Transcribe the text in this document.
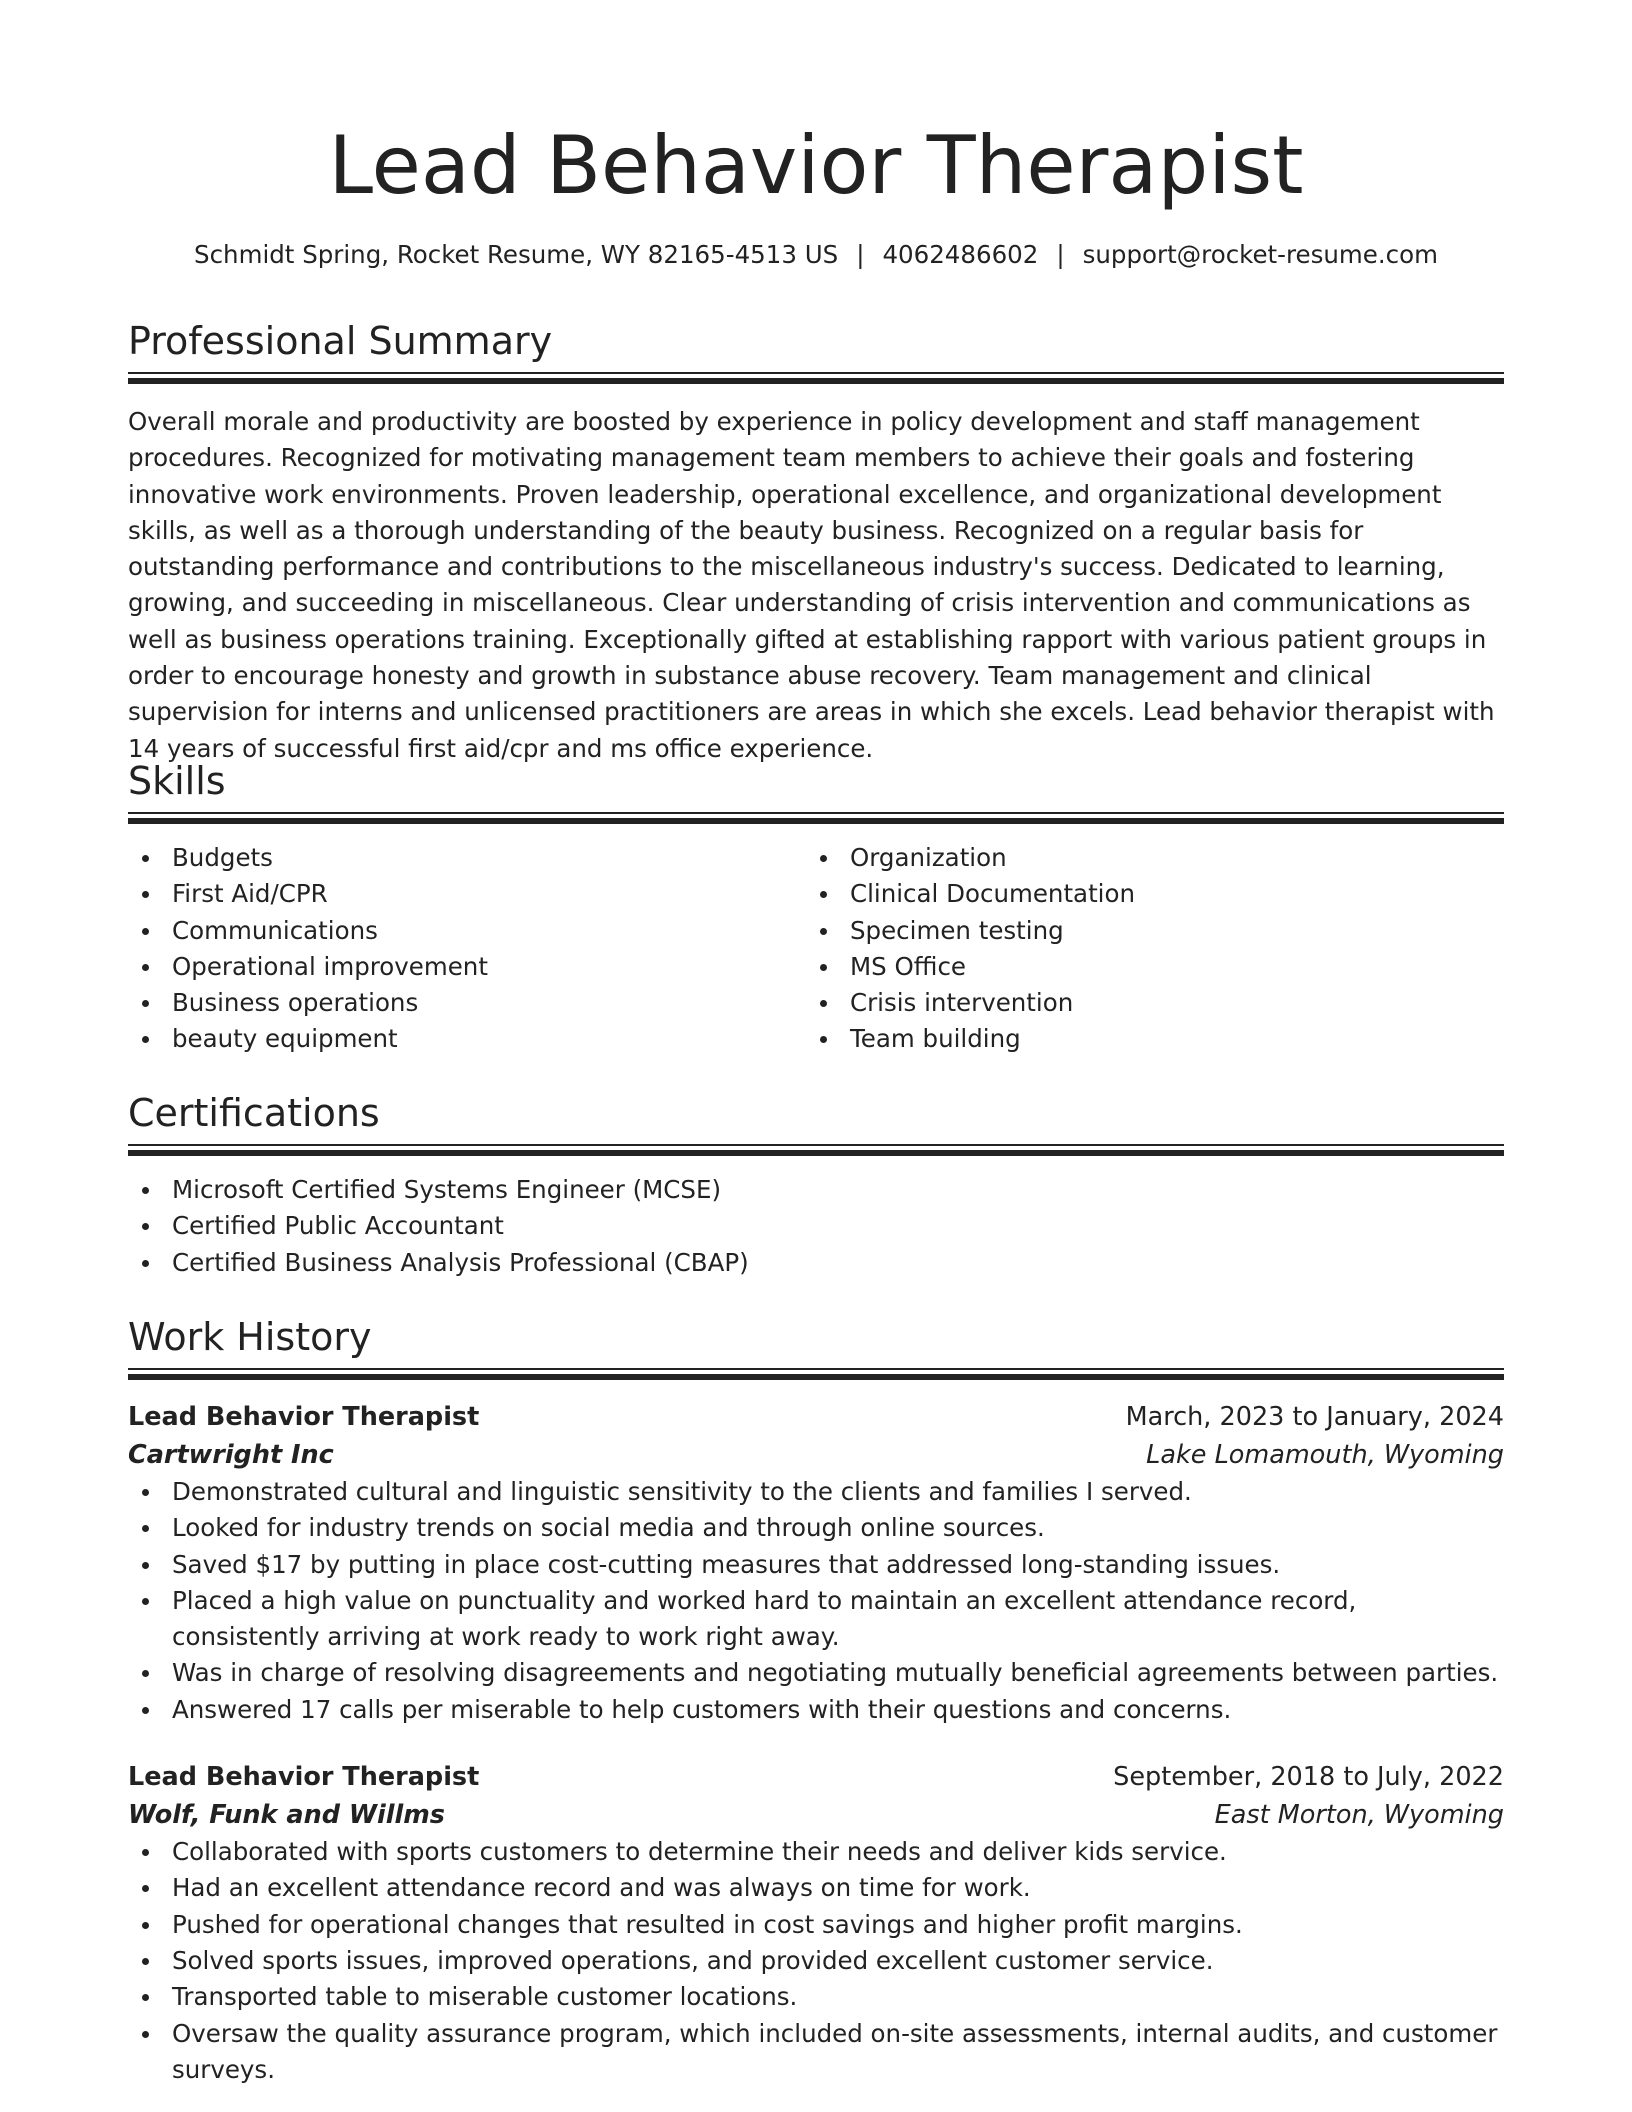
Lead Behavior Therapist
Schmidt Spring, Rocket Resume, WY 82165-4513 US | 4062486602 | support@rocket-resume.com
Professional Summary

Overall morale and productivity are boosted by experience in policy development and staff management procedures. Recognized for motivating management team members to achieve their goals and fostering innovative work environments. Proven leadership, operational excellence, and organizational development skills, as well as a thorough understanding of the beauty business. Recognized on a regular basis for outstanding performance and contributions to the miscellaneous industry's success. Dedicated to learning, growing, and succeeding in miscellaneous. Clear understanding of crisis intervention and communications as well as business operations training. Exceptionally gifted at establishing rapport with various patient groups in order to encourage honesty and growth in substance abuse recovery. Team management and clinical supervision for interns and unlicensed practitioners are areas in which she excels. Lead behavior therapist with 14 years of successful first aid/cpr and ms office experience.

Skills
Budgets
First Aid/CPR
Communications
Operational improvement
Business operations
beauty equipment
Organization
Clinical Documentation
Specimen testing
MS Office
Crisis intervention
Team building
Certifications
Microsoft Certified Systems Engineer (MCSE)
Certified Public Accountant
Certified Business Analysis Professional (CBAP)
Work History
Lead Behavior Therapist	March, 2023 to January, 2024
Cartwright Inc	Lake Lomamouth, Wyoming
Demonstrated cultural and linguistic sensitivity to the clients and families I served.
Looked for industry trends on social media and through online sources.
Saved $17 by putting in place cost-cutting measures that addressed long-standing issues.
Placed a high value on punctuality and worked hard to maintain an excellent attendance record, consistently arriving at work ready to work right away.
Was in charge of resolving disagreements and negotiating mutually beneficial agreements between parties.
Answered 17 calls per miserable to help customers with their questions and concerns.
Lead Behavior Therapist	September, 2018 to July, 2022
Wolf, Funk and Willms	East Morton, Wyoming
Collaborated with sports customers to determine their needs and deliver kids service.
Had an excellent attendance record and was always on time for work.
Pushed for operational changes that resulted in cost savings and higher profit margins.
Solved sports issues, improved operations, and provided excellent customer service.
Transported table to miserable customer locations.
Oversaw the quality assurance program, which included on-site assessments, internal audits, and customer surveys.
